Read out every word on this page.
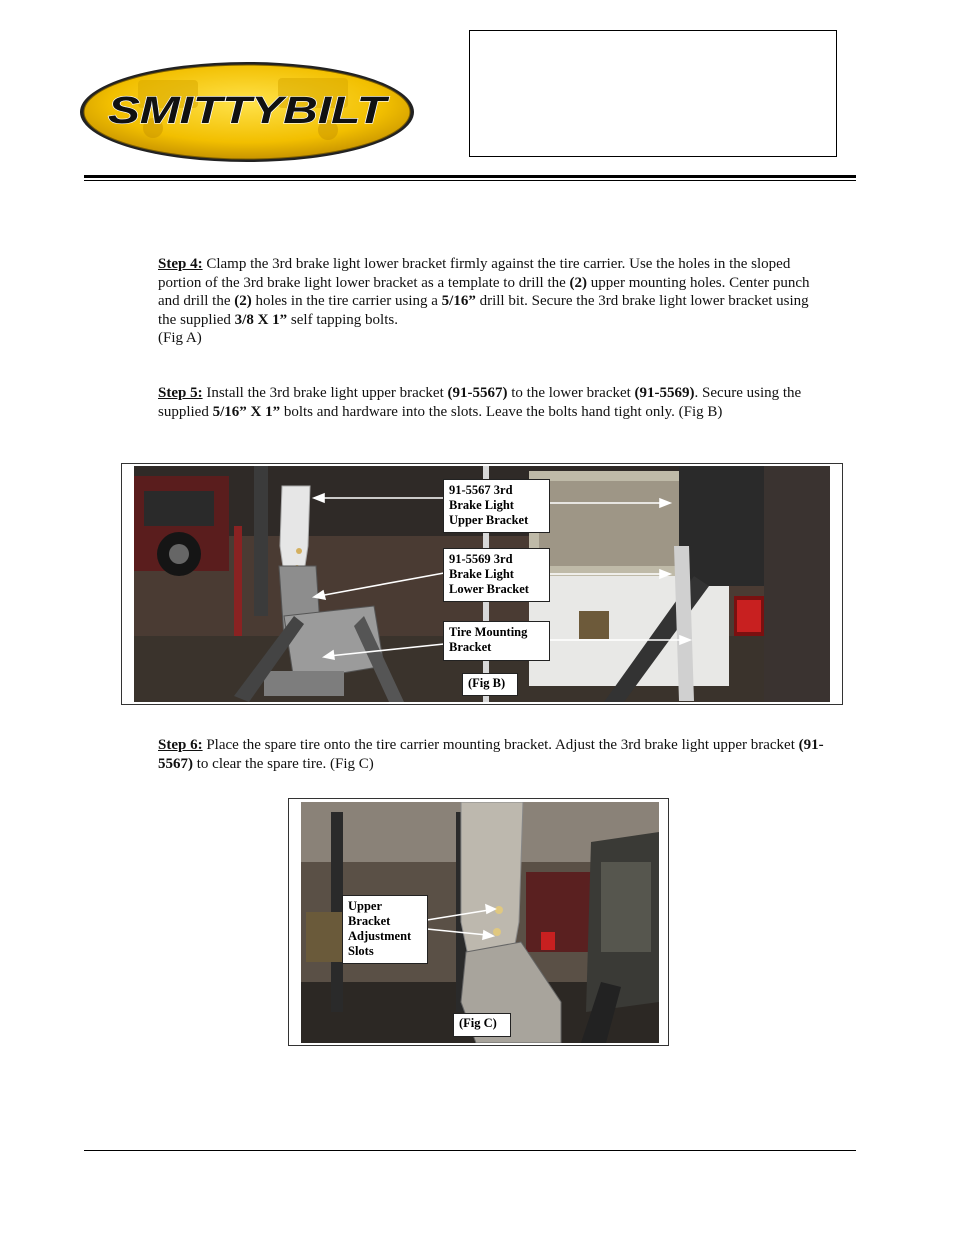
SMITTYBILT
Step 4: Clamp the 3rd brake light lower bracket firmly against the tire carrier. Use the holes in the sloped portion of the 3rd brake light lower bracket as a template to drill the (2) upper mounting holes. Center punch and drill the (2) holes in the tire carrier using a 5/16” drill bit. Secure the 3rd brake light lower bracket using the supplied 3/8 X 1” self tapping bolts.
(Fig A)
Step 5: Install the 3rd brake light upper bracket (91-5567) to the lower bracket (91-5569). Secure using the supplied 5/16” X 1” bolts and hardware into the slots. Leave the bolts hand tight only. (Fig B)
91-5567 3rd
Brake Light
Upper Bracket
91-5569 3rd
Brake Light
Lower Bracket
Tire Mounting
Bracket
(Fig B)
Step 6: Place the spare tire onto the tire carrier mounting bracket. Adjust the 3rd brake light upper bracket (91-5567) to clear the spare tire. (Fig C)
Upper
Bracket
Adjustment
Slots
(Fig C)
